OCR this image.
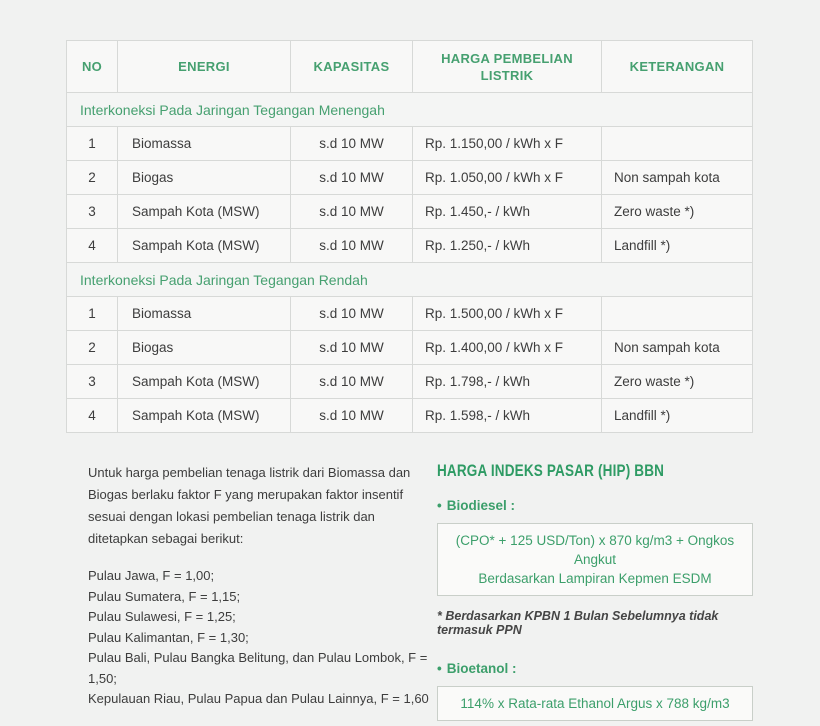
NO	ENERGI	KAPASITAS	HARGA PEMBELIAN LISTRIK	KETERANGAN
Interkoneksi Pada Jaringan Tegangan Menengah				
1	Biomassa	s.d 10 MW	Rp. 1.150,00 / kWh x F	
2	Biogas	s.d 10 MW	Rp. 1.050,00 / kWh x F	Non sampah kota
3	Sampah Kota (MSW)	s.d 10 MW	Rp. 1.450,- / kWh	Zero waste *)
4	Sampah Kota (MSW)	s.d 10 MW	Rp. 1.250,- / kWh	Landfill *)
Interkoneksi Pada Jaringan Tegangan Rendah				
1	Biomassa	s.d 10 MW	Rp. 1.500,00 / kWh x F	
2	Biogas	s.d 10 MW	Rp. 1.400,00 / kWh x F	Non sampah kota
3	Sampah Kota (MSW)	s.d 10 MW	Rp. 1.798,- / kWh	Zero waste *)
4	Sampah Kota (MSW)	s.d 10 MW	Rp. 1.598,- / kWh	Landfill *)
Untuk harga pembelian tenaga listrik dari Biomassa dan
Biogas berlaku faktor F yang merupakan faktor insentif
sesuai dengan lokasi pembelian tenaga listrik dan
ditetapkan sebagai berikut:
Pulau Jawa, F = 1,00;
Pulau Sumatera, F = 1,15;
Pulau Sulawesi, F = 1,25;
Pulau Kalimantan, F = 1,30;
Pulau Bali, Pulau Bangka Belitung, dan Pulau Lombok, F = 1,50;
Kepulauan Riau, Pulau Papua dan Pulau Lainnya, F = 1,60
HARGA INDEKS PASAR (HIP) BBN
• Biodiesel :
(CPO* + 125 USD/Ton) x 870 kg/m3 + Ongkos Angkut
Berdasarkan Lampiran Kepmen ESDM
* Berdasarkan KPBN 1 Bulan Sebelumnya tidak termasuk PPN
• Bioetanol :
114% x Rata-rata Ethanol Argus x 788 kg/m3
